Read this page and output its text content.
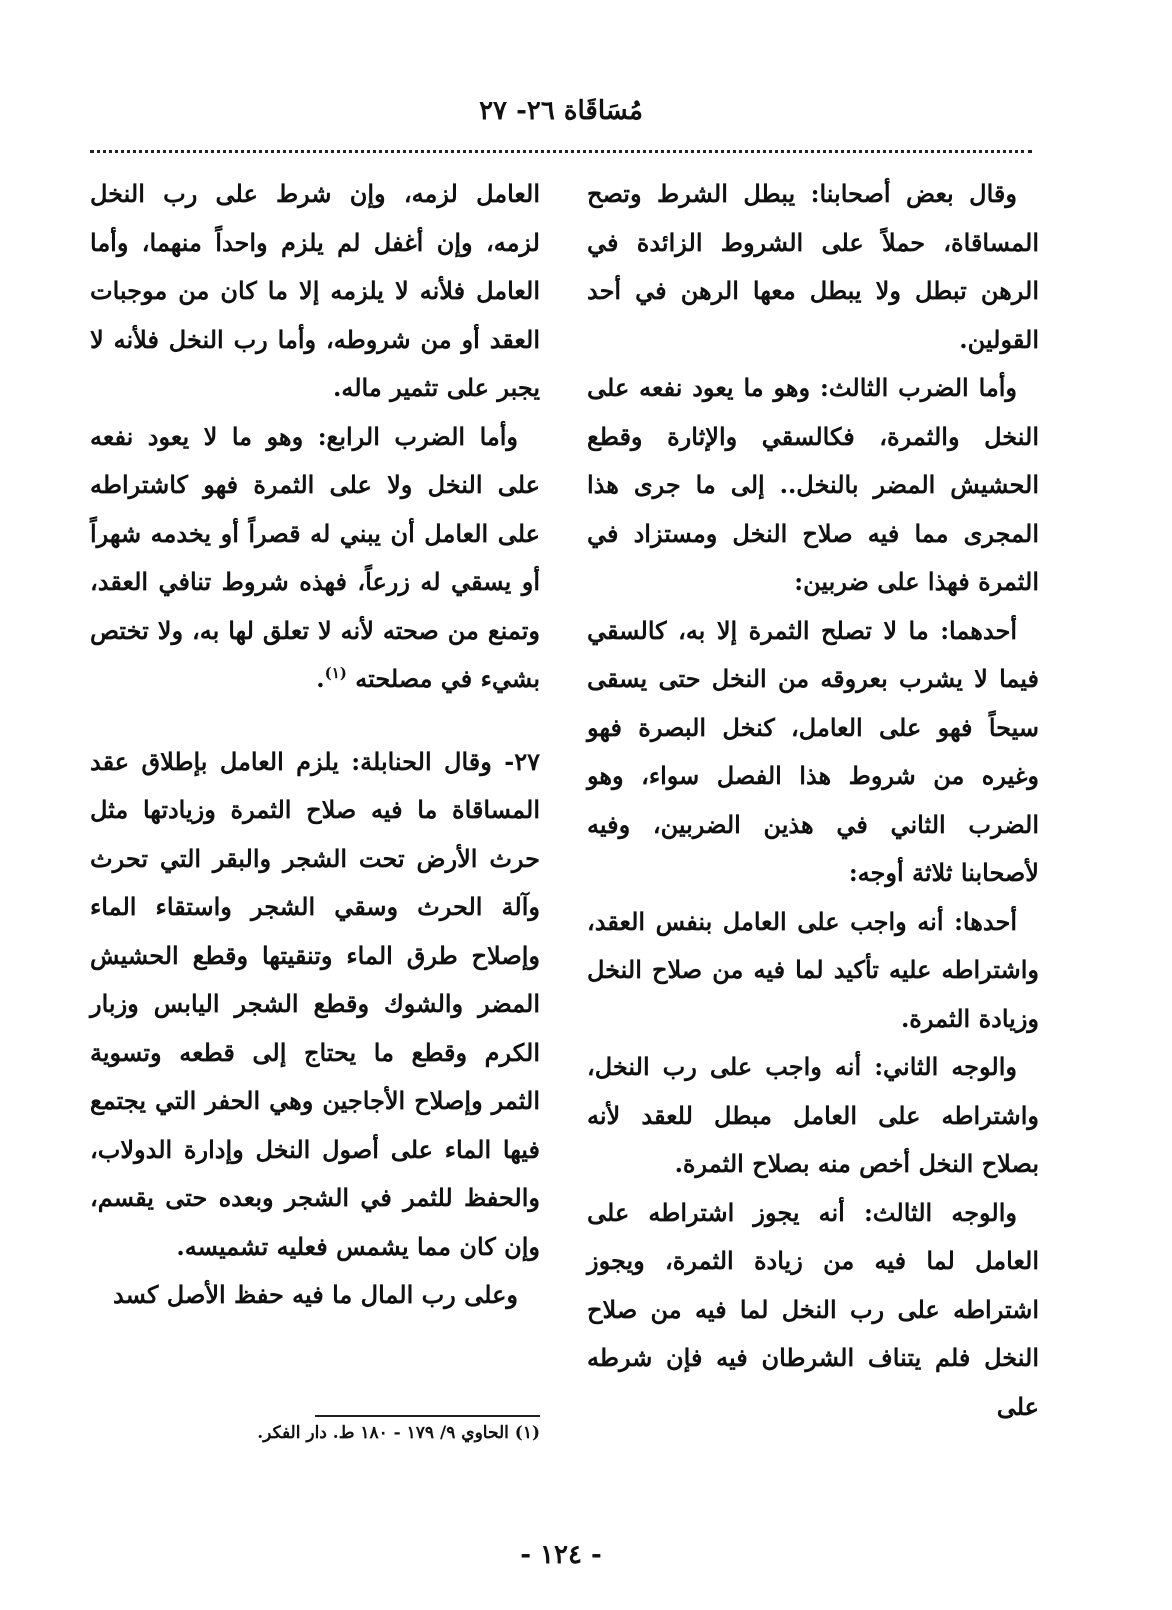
مُسَاقَاة ٢٦- ٢٧

وقال بعض أصحابنا: يبطل الشرط وتصح المساقاة، حملاً على الشروط الزائدة في الرهن تبطل ولا يبطل معها الرهن في أحد القولين.

وأما الضرب الثالث: وهو ما يعود نفعه على النخل والثمرة، فكالسقي والإثارة وقطع الحشيش المضر بالنخل.. إلى ما جرى هذا المجرى مما فيه صلاح النخل ومستزاد في الثمرة فهذا على ضربين:

أحدهما: ما لا تصلح الثمرة إلا به، كالسقي فيما لا يشرب بعروقه من النخل حتى يسقى سيحاً فهو على العامل، كنخل البصرة فهو وغيره من شروط هذا الفصل سواء، وهو الضرب الثاني في هذين الضربين، وفيه لأصحابنا ثلاثة أوجه:

أحدها: أنه واجب على العامل بنفس العقد، واشتراطه عليه تأكيد لما فيه من صلاح النخل وزيادة الثمرة.

والوجه الثاني: أنه واجب على رب النخل، واشتراطه على العامل مبطل للعقد لأنه بصلاح النخل أخص منه بصلاح الثمرة.

والوجه الثالث: أنه يجوز اشتراطه على العامل لما فيه من زيادة الثمرة، ويجوز اشتراطه على رب النخل لما فيه من صلاح النخل فلم يتناف الشرطان فيه فإن شرطه على

العامل لزمه، وإن شرط على رب النخل لزمه، وإن أغفل لم يلزم واحداً منهما، وأما العامل فلأنه لا يلزمه إلا ما كان من موجبات العقد أو من شروطه، وأما رب النخل فلأنه لا يجبر على تثمير ماله.

وأما الضرب الرابع: وهو ما لا يعود نفعه على النخل ولا على الثمرة فهو كاشتراطه على العامل أن يبني له قصراً أو يخدمه شهراً أو يسقي له زرعاً، فهذه شروط تنافي العقد، وتمنع من صحته لأنه لا تعلق لها به، ولا تختص بشيء في مصلحته $^{(١)}$.

٢٧- وقال الحنابلة: يلزم العامل بإطلاق عقد المساقاة ما فيه صلاح الثمرة وزيادتها مثل حرث الأرض تحت الشجر والبقر التي تحرث وآلة الحرث وسقي الشجر واستقاء الماء وإصلاح طرق الماء وتنقيتها وقطع الحشيش المضر والشوك وقطع الشجر اليابس وزبار الكرم وقطع ما يحتاج إلى قطعه وتسوية الثمر وإصلاح الأجاجين وهي الحفر التي يجتمع فيها الماء على أصول النخل وإدارة الدولاب، والحفظ للثمر في الشجر وبعده حتى يقسم، وإن كان مما يشمس فعليه تشميسه.

وعلى رب المال ما فيه حفظ الأصل كسد

(١) الحاوي ٩/ ١٧٩ - ١٨٠ ط. دار الفكر.
- ١٢٤ -
